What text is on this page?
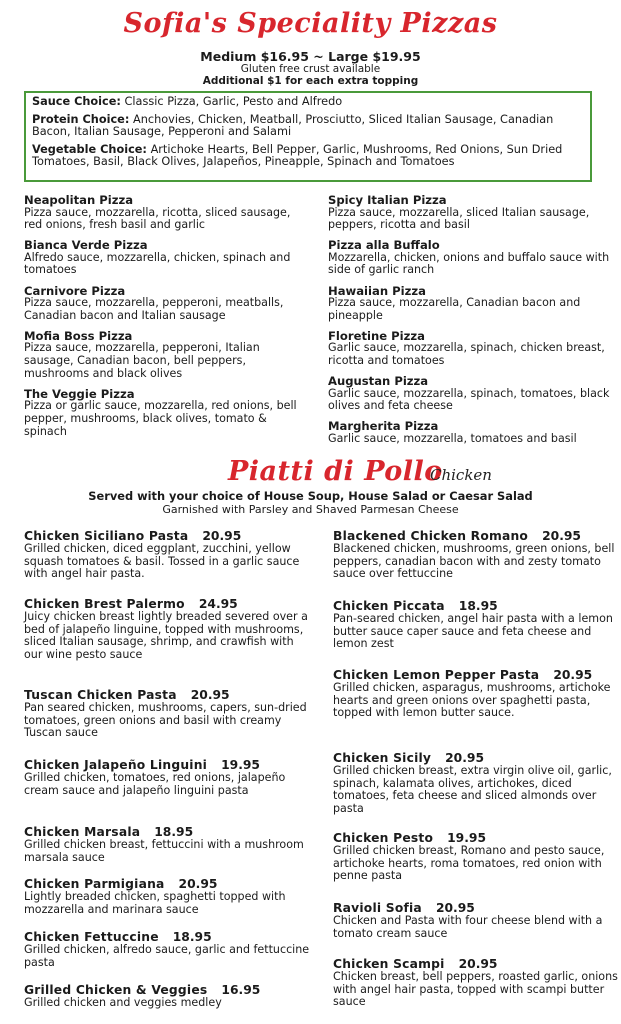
Sofia's Speciality Pizzas
Medium $16.95 ~ Large $19.95
Gluten free crust available
Additional $1 for each extra topping

Sauce Choice: Classic Pizza, Garlic, Pesto and Alfredo

Protein Choice: Anchovies, Chicken, Meatball, Prosciutto, Sliced Italian Sausage, Canadian Bacon, Italian Sausage, Pepperoni and Salami

Vegetable Choice: Artichoke Hearts, Bell Pepper, Garlic, Mushrooms, Red Onions, Sun Dried Tomatoes, Basil, Black Olives, Jalapeños, Pineapple, Spinach and Tomatoes

Neapolitan Pizza
Pizza sauce, mozzarella, ricotta, sliced sausage, red onions, fresh basil and garlic
Bianca Verde Pizza
Alfredo sauce, mozzarella, chicken, spinach and tomatoes
Carnivore Pizza
Pizza sauce, mozzarella, pepperoni, meatballs, Canadian bacon and Italian sausage
Mofia Boss Pizza
Pizza sauce, mozzarella, pepperoni, Italian sausage, Canadian bacon, bell peppers, mushrooms and black olives
The Veggie Pizza
Pizza or garlic sauce, mozzarella, red onions, bell pepper, mushrooms, black olives, tomato & spinach
Spicy Italian Pizza
Pizza sauce, mozzarella, sliced Italian sausage, peppers, ricotta and basil
Pizza alla Buffalo
Mozzarella, chicken, onions and buffalo sauce with side of garlic ranch
Hawaiian Pizza
Pizza sauce, mozzarella, Canadian bacon and pineapple
Floretine Pizza
Garlic sauce, mozzarella, spinach, chicken breast, ricotta and tomatoes
Augustan Pizza
Garlic sauce, mozzarella, spinach, tomatoes, black olives and feta cheese
Margherita Pizza
Garlic sauce, mozzarella, tomatoes and basil
Piatti di Pollo
Chicken
Served with your choice of House Soup, House Salad or Caesar Salad
Garnished with Parsley and Shaved Parmesan Cheese
Chicken Siciliano Pasta 20.95
Grilled chicken, diced eggplant, zucchini, yellow squash tomatoes & basil. Tossed in a garlic sauce with angel hair pasta.
Chicken Brest Palermo 24.95
Juicy chicken breast lightly breaded severed over a bed of jalapeño linguine, topped with mushrooms, sliced Italian sausage, shrimp, and crawfish with our wine pesto sauce
Tuscan Chicken Pasta 20.95
Pan seared chicken, mushrooms, capers, sun-dried tomatoes, green onions and basil with creamy Tuscan sauce
Chicken Jalapeño Linguini 19.95
Grilled chicken, tomatoes, red onions, jalapeño cream sauce and jalapeño linguini pasta
Chicken Marsala 18.95
Grilled chicken breast, fettuccini with a mushroom marsala sauce
Chicken Parmigiana 20.95
Lightly breaded chicken, spaghetti topped with mozzarella and marinara sauce
Chicken Fettuccine 18.95
Grilled chicken, alfredo sauce, garlic and fettuccine pasta
Grilled Chicken & Veggies 16.95
Grilled chicken and veggies medley
Blackened Chicken Romano 20.95
Blackened chicken, mushrooms, green onions, bell peppers, canadian bacon with and zesty tomato sauce over fettuccine
Chicken Piccata 18.95
Pan-seared chicken, angel hair pasta with a lemon butter sauce caper sauce and feta cheese and lemon zest
Chicken Lemon Pepper Pasta 20.95
Grilled chicken, asparagus, mushrooms, artichoke hearts and green onions over spaghetti pasta, topped with lemon butter sauce.
Chicken Sicily 20.95
Grilled chicken breast, extra virgin olive oil, garlic, spinach, kalamata olives, artichokes, diced tomatoes, feta cheese and sliced almonds over pasta
Chicken Pesto 19.95
Grilled chicken breast, Romano and pesto sauce, artichoke hearts, roma tomatoes, red onion with penne pasta
Ravioli Sofia 20.95
Chicken and Pasta with four cheese blend with a tomato cream sauce
Chicken Scampi 20.95
Chicken breast, bell peppers, roasted garlic, onions with angel hair pasta, topped with scampi butter sauce
